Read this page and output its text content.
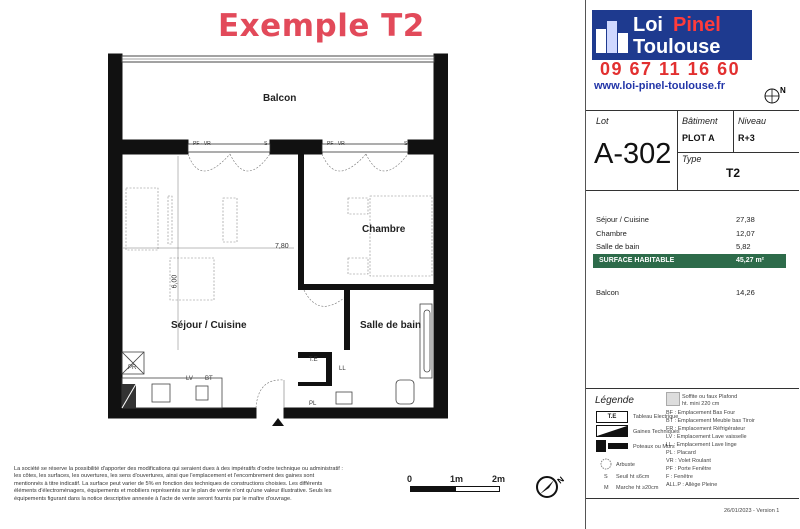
Exemple T2
Balcon
Chambre
Séjour / Cuisine	Salle de bain
PF - VR	S	PF - VR	S
7,80
6,00
T.E
LL
PL
PR
LV BT
0	1m	2m	N
La société se réserve la possibilité d'apporter des modifications qui seraient dues à des impératifs d'ordre technique ou administratif : les côtes, les surfaces, les ouvertures, les sens d'ouvertures, ainsi que l'emplacement et l'encombrement des gaines sont mentionnés à titre indicatif. La surface peut varier de 5% en fonction des techniques de constructions choisies. Les différents éléments d'électroménagers, équipements et mobiliers représentés sur le plan de vente n'ont qu'une valeur illustrative. Seuls les équipements figurant dans la notice descriptive annexée à l'acte de vente seront fournis par le maître d'ouvrage.
Loi Pinel
Toulouse
09 67 11 16 60
www.loi-pinel-toulouse.fr	N
Lot
A-302
Bâtiment
PLOT A
Niveau
R+3
Type
T2
Séjour / Cuisine	27,38
Chambre	12,07
Salle de bain	5,82
SURFACE HABITABLE	45,27 m²
Balcon	14,26
Légende
T.E	Tableau Electrique
Gaines Techniques
Poteaux ou Murs
Arbuste
S Seuil ht ≤6cm
M Marche ht ≥20cm
Soffite ou faux Plafond
ht. mini 220 cm
BF : Emplacement Bas Four
BT : Emplacement Meuble bas Tiroir
FR : Emplacement Réfrigérateur
LV : Emplacement Lave vaisselle
LL : Emplacement Lave linge
PL : Placard
VR : Volet Roulant
PF : Porte Fenêtre
F : Fenêtre
ALL.P : Allège Pleine
26/01/2023 - Version 1
